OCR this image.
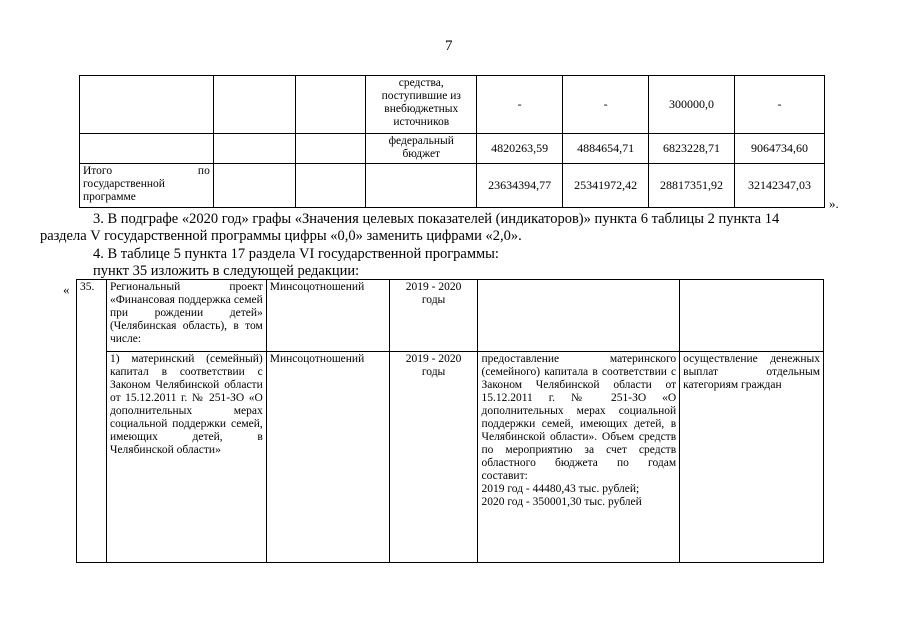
7
			средства, поступившие из внебюджетных источников	-	-	300000,0	-
			федеральный бюджет	4820263,59	4884654,71	6823228,71	9064734,60
Итого по государственной программе				23634394,77	25341972,42	28817351,92	32142347,03
».
3. В подграфе «2020 год» графы «Значения целевых показателей (индикаторов)» пункта 6 таблицы 2 пункта 14
раздела V государственной программы цифры «0,0» заменить цифрами «2,0».
4. В таблице 5 пункта 17 раздела VI государственной программы:
пункт 35 изложить в следующей редакции:
« 35.	Региональный проект «Финансовая поддержка семей при рождении детей» (Челябинская область), в том числе:	Минсоцотношений	2019 - 2020 годы		
	1) материнский (семейный) капитал в соответствии с Законом Челябинской области от 15.12.2011 г. № 251-ЗО «О дополнительных мерах социальной поддержки семей, имеющих детей, в Челябинской области»	Минсоцотношений	2019 - 2020 годы	предоставление материнского (семейного) капитала в соответствии с Законом Челябинской области от 15.12.2011 г. № 251-ЗО «О дополнительных мерах социальной поддержки семей, имеющих детей, в Челябинской области». Объем средств по мероприятию за счет средств областного бюджета по годам составит:
2019 год - 44480,43 тыс. рублей;
2020 год - 350001,30 тыс. рублей	осуществление денежных выплат отдельным категориям граждан
